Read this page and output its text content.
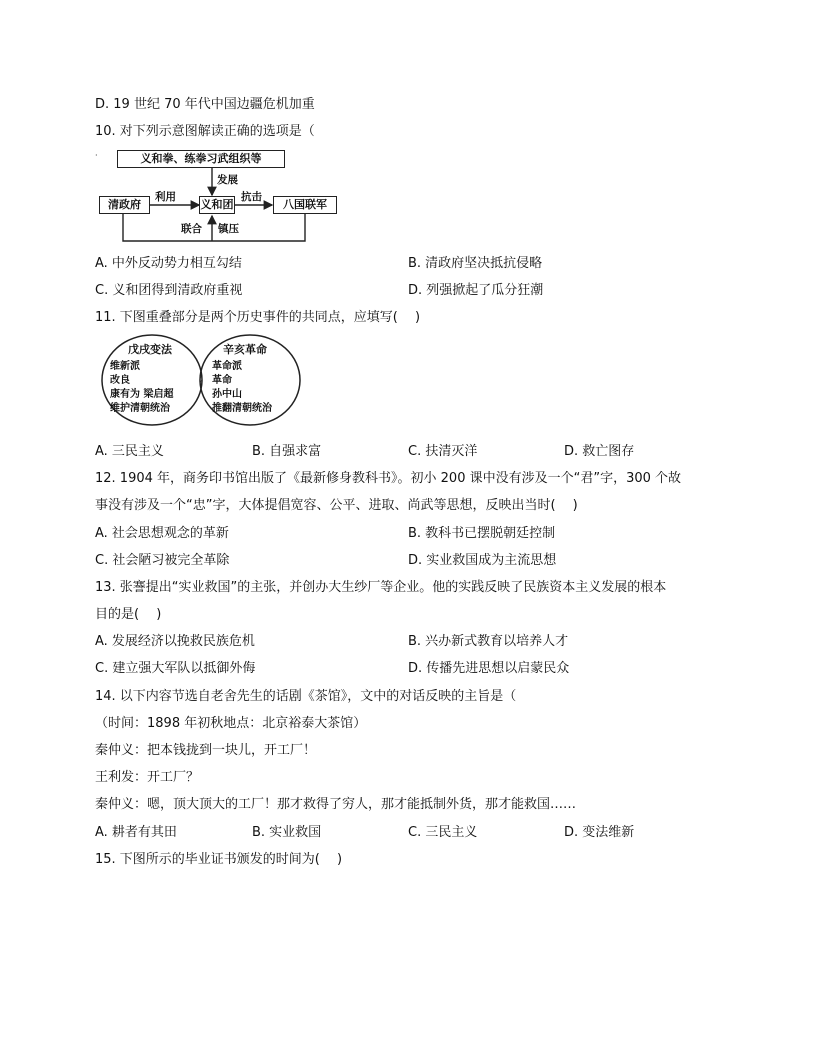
D. 19 世纪 70 年代中国边疆危机加重
10. 对下列示意图解读正确的选项是（
·	义和拳、练拳习武组织等
发展
清政府
利用
义和团
抗击
八国联军
联合 镇压
A. 中外反动势力相互勾结	B. 清政府坚决抵抗侵略
C. 义和团得到清政府重视	D. 列强掀起了瓜分狂潮
11. 下图重叠部分是两个历史事件的共同点，应填写(　 )
戊戌变法
维新派
改良
康有为 梁启超
维护清朝统治
辛亥革命
革命派
革命
孙中山
推翻清朝统治
A. 三民主义	B. 自强求富	C. 扶清灭洋	D. 救亡图存
12. 1904 年，商务印书馆出版了《最新修身教科书》。初小 200 课中没有涉及一个“君”字，300 个故
事没有涉及一个“忠”字，大体提倡宽容、公平、进取、尚武等思想，反映出当时(　 )
A. 社会思想观念的革新	B. 教科书已摆脱朝廷控制
C. 社会陋习被完全革除	D. 实业救国成为主流思想
13. 张謇提出“实业救国”的主张，并创办大生纱厂等企业。他的实践反映了民族资本主义发展的根本
目的是(　 )
A. 发展经济以挽救民族危机	B. 兴办新式教育以培养人才
C. 建立强大军队以抵御外侮	D. 传播先进思想以启蒙民众
14. 以下内容节选自老舍先生的话剧《茶馆》，文中的对话反映的主旨是（
（时间：1898 年初秋地点：北京裕泰大茶馆）
秦仲义：把本钱拢到一块儿，开工厂！
王利发：开工厂？
秦仲义：嗯，顶大顶大的工厂！那才救得了穷人，那才能抵制外货，那才能救国……
A. 耕者有其田	B. 实业救国	C. 三民主义	D. 变法维新
15. 下图所示的毕业证书颁发的时间为(　 )
